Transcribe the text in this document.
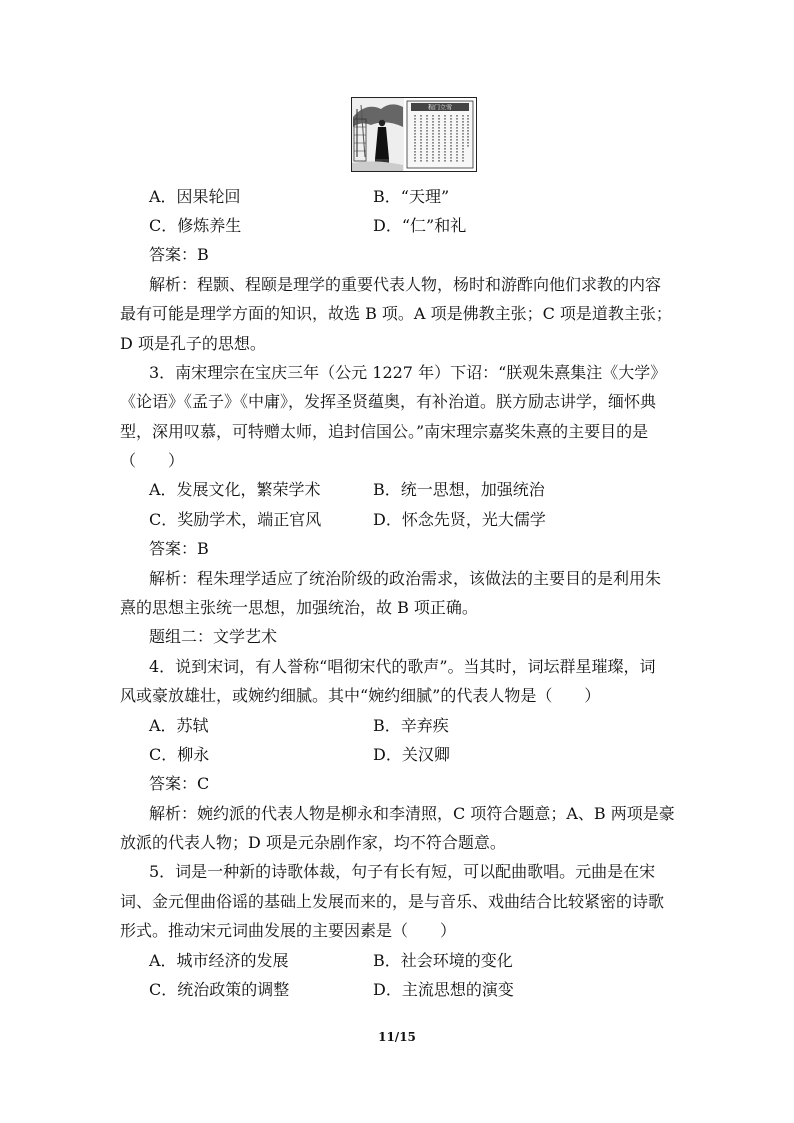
程门立雪
A．因果轮回	B．“天理”
C．修炼养生	D．“仁”和礼
答案：B
解析：程颢、程颐是理学的重要代表人物，杨时和游酢向他们求教的内容
最有可能是理学方面的知识，故选 B 项。A 项是佛教主张；C 项是道教主张；
D 项是孔子的思想。
3．南宋理宗在宝庆三年（公元 1227 年）下诏：“朕观朱熹集注《大学》
《论语》《孟子》《中庸》，发挥圣贤蕴奥，有补治道。朕方励志讲学，缅怀典
型，深用叹慕，可特赠太师，追封信国公。”南宋理宗嘉奖朱熹的主要目的是
（　　）
A．发展文化，繁荣学术	B．统一思想，加强统治
C．奖励学术，端正官风	D．怀念先贤，光大儒学
答案：B
解析：程朱理学适应了统治阶级的政治需求，该做法的主要目的是利用朱
熹的思想主张统一思想，加强统治，故 B 项正确。
题组二：文学艺术
4．说到宋词，有人誉称“唱彻宋代的歌声”。当其时，词坛群星璀璨，词
风或豪放雄壮，或婉约细腻。其中“婉约细腻”的代表人物是（　　）
A．苏轼	B．辛弃疾
C．柳永	D．关汉卿
答案：C
解析：婉约派的代表人物是柳永和李清照，C 项符合题意；A、B 两项是豪
放派的代表人物；D 项是元杂剧作家，均不符合题意。
5．词是一种新的诗歌体裁，句子有长有短，可以配曲歌唱。元曲是在宋
词、金元俚曲俗谣的基础上发展而来的，是与音乐、戏曲结合比较紧密的诗歌
形式。推动宋元词曲发展的主要因素是（　　）
A．城市经济的发展	B．社会环境的变化
C．统治政策的调整	D．主流思想的演变
11/15
